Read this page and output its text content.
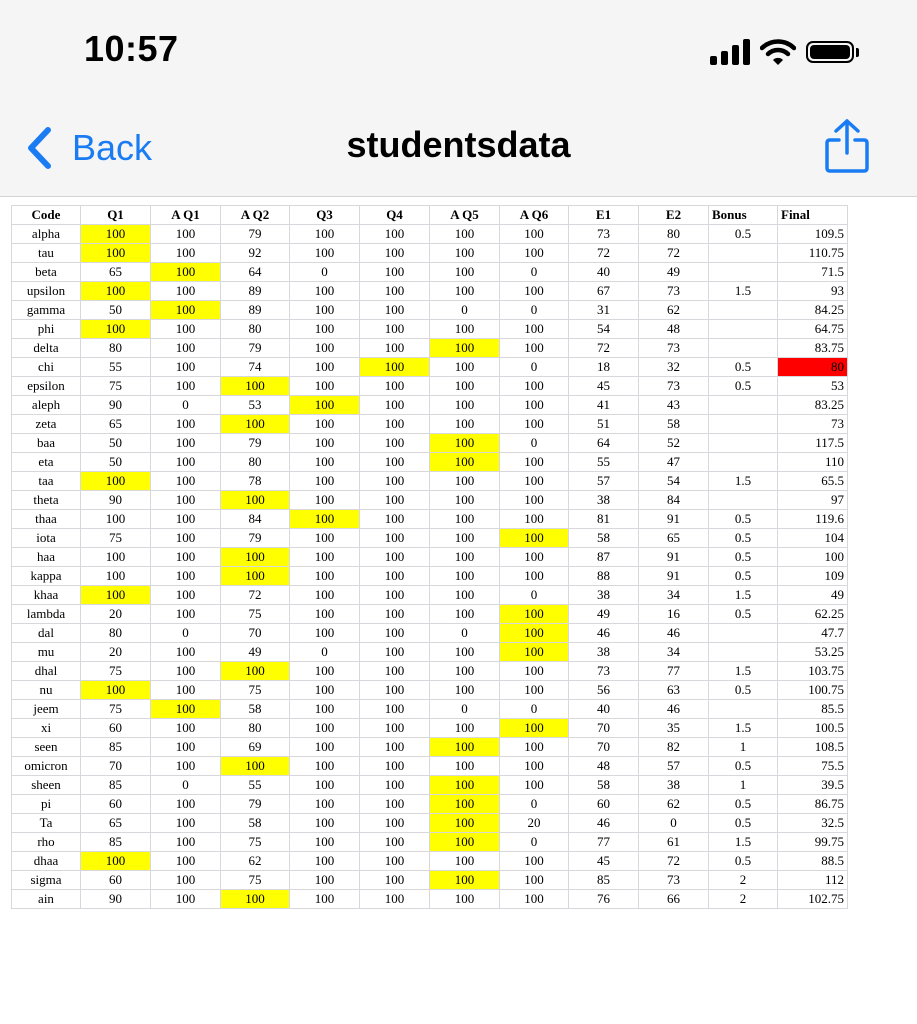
10:57
Back	studentsdata
Code	Q1	A Q1	A Q2	Q3	Q4	A Q5	A Q6	E1	E2	Bonus	Final
alpha	100	100	79	100	100	100	100	73	80	0.5	109.5
tau	100	100	92	100	100	100	100	72	72		110.75
beta	65	100	64	0	100	100	0	40	49		71.5
upsilon	100	100	89	100	100	100	100	67	73	1.5	93
gamma	50	100	89	100	100	0	0	31	62		84.25
phi	100	100	80	100	100	100	100	54	48		64.75
delta	80	100	79	100	100	100	100	72	73		83.75
chi	55	100	74	100	100	100	0	18	32	0.5	80
epsilon	75	100	100	100	100	100	100	45	73	0.5	53
aleph	90	0	53	100	100	100	100	41	43		83.25
zeta	65	100	100	100	100	100	100	51	58		73
baa	50	100	79	100	100	100	0	64	52		117.5
eta	50	100	80	100	100	100	100	55	47		110
taa	100	100	78	100	100	100	100	57	54	1.5	65.5
theta	90	100	100	100	100	100	100	38	84		97
thaa	100	100	84	100	100	100	100	81	91	0.5	119.6
iota	75	100	79	100	100	100	100	58	65	0.5	104
haa	100	100	100	100	100	100	100	87	91	0.5	100
kappa	100	100	100	100	100	100	100	88	91	0.5	109
khaa	100	100	72	100	100	100	0	38	34	1.5	49
lambda	20	100	75	100	100	100	100	49	16	0.5	62.25
dal	80	0	70	100	100	0	100	46	46		47.7
mu	20	100	49	0	100	100	100	38	34		53.25
dhal	75	100	100	100	100	100	100	73	77	1.5	103.75
nu	100	100	75	100	100	100	100	56	63	0.5	100.75
jeem	75	100	58	100	100	0	0	40	46		85.5
xi	60	100	80	100	100	100	100	70	35	1.5	100.5
seen	85	100	69	100	100	100	100	70	82	1	108.5
omicron	70	100	100	100	100	100	100	48	57	0.5	75.5
sheen	85	0	55	100	100	100	100	58	38	1	39.5
pi	60	100	79	100	100	100	0	60	62	0.5	86.75
Ta	65	100	58	100	100	100	20	46	0	0.5	32.5
rho	85	100	75	100	100	100	0	77	61	1.5	99.75
dhaa	100	100	62	100	100	100	100	45	72	0.5	88.5
sigma	60	100	75	100	100	100	100	85	73	2	112
ain	90	100	100	100	100	100	100	76	66	2	102.75
